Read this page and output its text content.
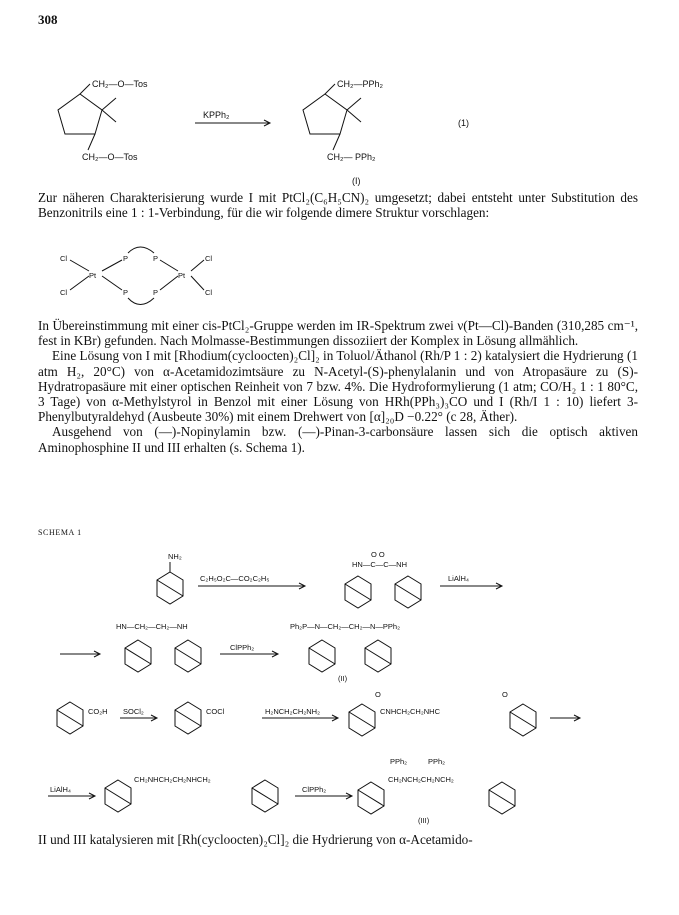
308
CH₂—O—Tos
CH₂—O—Tos
KPPh₂
CH₂—PPh₂
CH₂— PPh₂
(1)
(I)

Zur näheren Charakterisierung wurde I mit PtCl₂(C₆H₅CN)₂ umgesetzt; dabei entsteht unter Substitution des Benzonitrils eine 1 : 1-Verbindung, für die wir folgende dimere Struktur vorschlagen:

Cl
Cl
Pt
P
P
P
P
Pt
Cl
Cl

In Übereinstimmung mit einer cis-PtCl₂-Gruppe werden im IR-Spektrum zwei ν(Pt—Cl)-Banden (310,285 cm⁻¹, fest in KBr) gefunden. Nach Molmasse-Bestimmungen dissoziiert der Komplex in Lösung allmählich.

Eine Lösung von I mit [Rhodium(cycloocten)₂Cl]₂ in Toluol/Äthanol (Rh/P 1 : 2) katalysiert die Hydrierung (1 atm H₂, 20°C) von α-Acetamidozimtsäure zu N-Acetyl-(S)-phenylalanin und von Atropasäure zu (S)-Hydratropasäure mit einer optischen Reinheit von 7 bzw. 4%. Die Hydroformylierung (1 atm; CO/H₂ 1 : 1 80°C, 3 Tage) von α-Methylstyrol in Benzol mit einer Lösung von HRh(PPh₃)₃CO und I (Rh/I 1 : 10) liefert 3-Phenylbutyraldehyd (Ausbeute 30%) mit einem Drehwert von [α]₂₀D −0.22° (c 28, Äther).

Ausgehend von (—)-Nopinylamin bzw. (—)-Pinan-3-carbonsäure lassen sich die optisch aktiven Aminophosphine II und III erhalten (s. Schema 1).

SCHEMA 1
NH₂
C₂H₅O₂C—CO₂C₂H₅
O O
HN—C—C—NH
LiAlH₄
HN—CH₂—CH₂—NH
ClPPh₂
Ph₂P—N—CH₂—CH₂—N—PPh₂
(II)
CO₂H SOCl₂	COCl	H₂NCH₂CH₂NH₂
O	O
CNHCH₂CH₂NHC
LiAlH₄
CH₂NHCH₂CH₂NHCH₂
ClPPh₂
PPh₂	PPh₂
CH₂NCH₂CH₂NCH₂
(III)

II und III katalysieren mit [Rh(cycloocten)₂Cl]₂ die Hydrierung von α-Acetamido-
